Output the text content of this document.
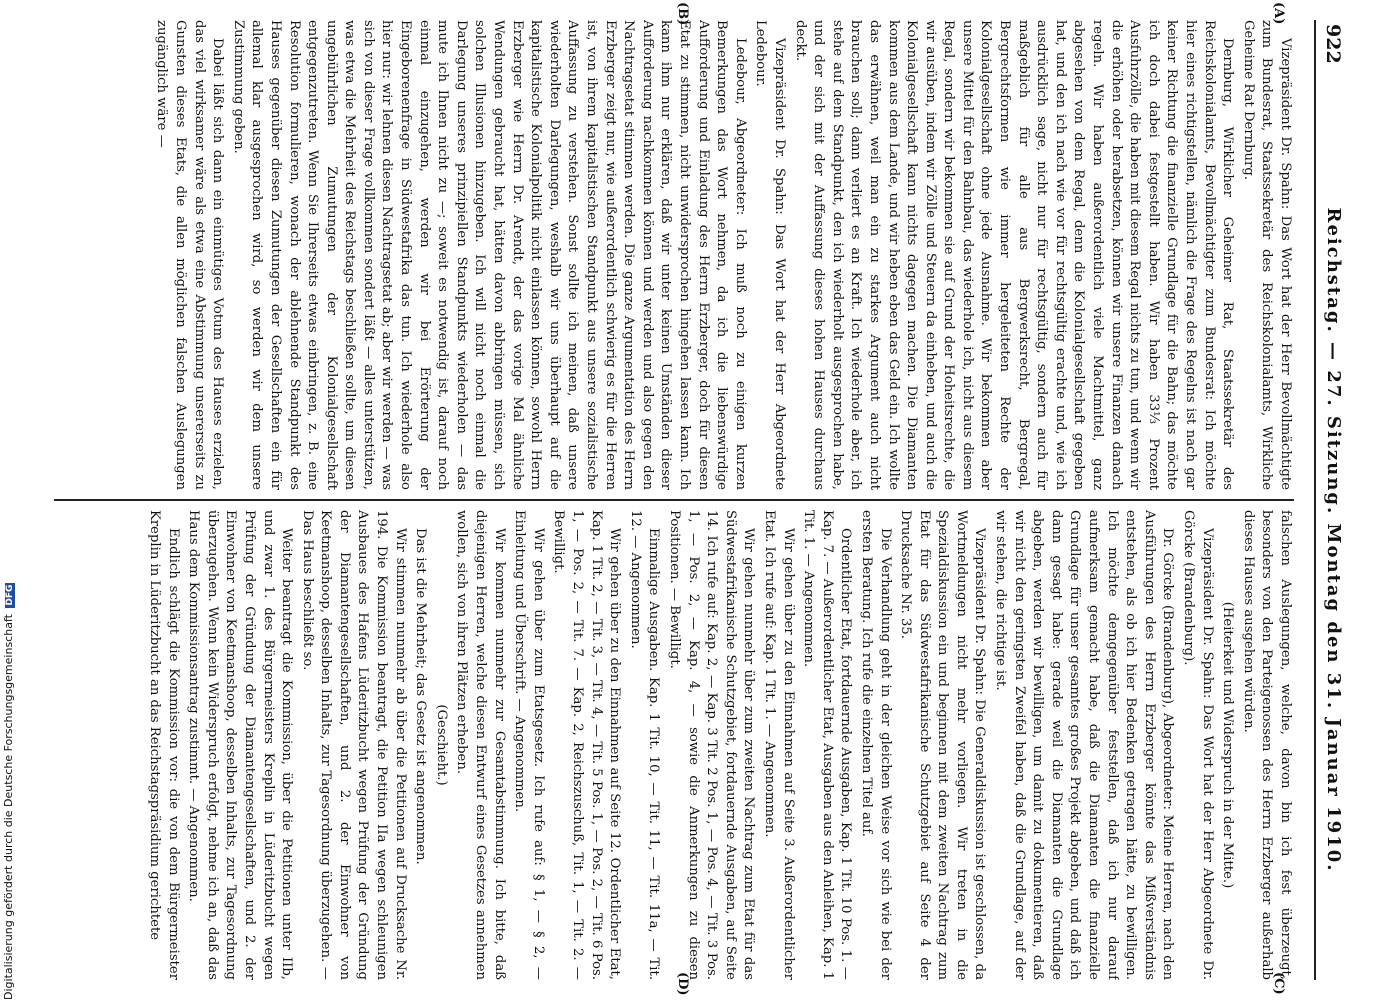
922
Reichstag. — 27. Sitzung. Montag den 31. Januar 1910.
(A)
(B)
(C)
(D)

Vizepräsident Dr. Spahn: Das Wort hat der Herr Bevollmächtigte zum Bundesrat, Staatssekretär des Reichskolonialamts, Wirkliche Geheime Rat Dernburg.

Dernburg, Wirklicher Geheimer Rat, Staatssekretär des Reichskolonialamts, Bevollmächtigter zum Bundesrat: Ich möchte hier eines richtigstellen, nämlich die Frage des Regelns ist nach gar keiner Richtung die finanzielle Grundlage für die Bahn; das möchte ich doch dabei festgestellt haben. Wir haben 33⅓ Prozent Ausfuhrzölle, die haben mit diesem Regal nichts zu tun, und wenn wir die erhöhen oder herabsetzen, können wir unsere Finanzen danach regeln. Wir haben außerordentlich viele Machtmittel, ganz abgesehen von dem Regal, denn die Kolonialgesellschaft gegeben hat, und den ich nach wie vor für rechtsgültig erachte und, wie ich ausdrücklich sage, nicht nur für rechtsgültig, sondern auch für maßgeblich für alle aus Bergwerksrecht, Bergregal, Bergrechtsformen wie immer hergeleiteten Rechte der Kolonialgesellschaft ohne jede Ausnahme. Wir bekommen aber unsere Mittel für den Bahnbau, das wiederhole ich, nicht aus diesem Regal, sondern wir bekommen sie auf Grund der Hoheitsrechte, die wir ausüben, indem wir Zölle und Steuern da einheben, und auch die Kolonialgesellschaft kann nichts dagegen machen. Die Diamanten kommen aus dem Lande, und wir heben eben das Geld ein. Ich wollte das erwähnen, weil man ein zu starkes Argument auch nicht brauchen soll; dann verliert es an Kraft. Ich wiederhole aber, ich stehe auf dem Standpunkt, den ich wiederholt ausgesprochen habe, und der sich mit der Auffassung dieses hohen Hauses durchaus deckt.

Vizepräsident Dr. Spahn: Das Wort hat der Herr Abgeordnete Ledebour.

Ledebour, Abgeordneter: Ich muß noch zu einigen kurzen Bemerkungen das Wort nehmen, da ich die liebenswürdige Aufforderung und Einladung des Herrn Erzberger, doch für diesen Etat zu stimmen, nicht unwidersprochen hingehen lassen kann. Ich kann ihm nur erklären, daß wir unter keinen Umständen dieser Aufforderung nachkommen können und werden und also gegen den Nachtragsetat stimmen werden. Die ganze Argumentation des Herrn Erzberger zeigt nur, wie außerordentlich schwierig es für die Herren ist, von ihrem kapitalistischen Standpunkt aus unsere sozialistische Auffassung zu verstehen. Sonst sollte ich meinen, daß unsere wiederholten Darlegungen, weshalb wir uns überhaupt auf die kapitalistische Kolonialpolitik nicht einlassen können, sowohl Herrn Erzberger wie Herrn Dr. Arendt, der das vorige Mal ähnliche Wendungen gebraucht hat, hätten davon abbringen müssen, sich solchen Illusionen hinzugeben. Ich will nicht noch einmal die Darlegung unseres prinzipiellen Standpunkts wiederholen — das mute ich Ihnen nicht zu —; soweit es notwendig ist, darauf noch einmal einzugehen, werden wir bei Erörterung der Eingeborenenfrage in Südwestafrika das tun. Ich wiederhole also hier nur: wir lehnen diesen Nachtragsetat ab; aber wir werden — was sich von dieser Frage vollkommen sondert läßt — alles unterstützen, was etwa die Mehrheit des Reichstags beschließen sollte, um diesen ungebührlichen Zumutungen der Kolonialgesellschaft entgegenzutreten. Wenn Sie Ihrerseits etwas einbringen, z. B. eine Resolution formulieren, wonach der ablehnende Standpunkt des Hauses gegenüber diesen Zumutungen der Gesellschaften ein für allemal klar ausgesprochen wird, so werden wir dem unsere Zustimmung geben.

Dabei läßt sich dann ein einmütiges Votum des Hauses erzielen, das viel wirksamer wäre als etwa eine Abstimmung unsererseits zu Gunsten dieses Etats, die allen möglichen falschen Auslegungen zugänglich wäre —

falschen Auslegungen, welche, davon bin ich fest überzeugt, besonders von den Parteigenossen des Herrn Erzberger außerhalb dieses Hauses ausgehen würden.

(Heiterkeit und Widerspruch in der Mitte.)

Vizepräsident Dr. Spahn: Das Wort hat der Herr Abgeordnete Dr. Görcke (Brandenburg).

Dr. Görcke (Brandenburg), Abgeordneter: Meine Herren, nach den Ausführungen des Herrn Erzberger könnte das Mißverständnis entstehen, als ob ich hier Bedenken getragen hätte, zu bewilligen. Ich möchte demgegenüber feststellen, daß ich nur darauf aufmerksam gemacht habe, daß die Diamanten die finanzielle Grundlage für unser gesamtes großes Projekt abgeben, und daß ich dann gesagt habe: gerade weil die Diamanten die Grundlage abgeben, werden wir bewilligen, um damit zu dokumentieren, daß wir nicht den geringsten Zweifel haben, daß die Grundlage, auf der wir stehen, die richtige ist.

Vizepräsident Dr. Spahn: Die Generaldiskussion ist geschlossen, da Wortmeldungen nicht mehr vorliegen. Wir treten in die Spezialdiskussion ein und beginnen mit dem zweiten Nachtrag zum Etat für das Südwestafrikanische Schutzgebiet auf Seite 4 der Drucksache Nr. 35.

Die Verhandlung geht in der gleichen Weise vor sich wie bei der ersten Beratung. Ich rufe die einzelnen Titel auf.

Ordentlicher Etat, fortdauernde Ausgaben, Kap. 1 Tit. 10 Pos. 1. — Kap. 7. — Außerordentlicher Etat, Ausgaben aus den Anleihen, Kap. 1 Tit. 1. — Angenommen.

Wir gehen über zu den Einnahmen auf Seite 3. Außerordentlicher Etat. Ich rufe auf: Kap. 1 Tit. 1. — Angenommen.

Wir gehen nunmehr über zum zweiten Nachtrag zum Etat für das Südwestafrikanische Schutzgebiet, fortdauernde Ausgaben, auf Seite 14. Ich rufe auf: Kap. 2, — Kap. 3 Tit. 2 Pos. 1, — Pos. 4, — Tit. 3 Pos. 1, — Pos. 2, — Kap. 4, — sowie die Anmerkungen zu diesen Positionen. — Bewilligt.

Einmalige Ausgaben. Kap. 1 Tit. 10, — Tit. 11, — Tit. 11a, — Tit. 12. — Angenommen.

Wir gehen über zu den Einnahmen auf Seite 12. Ordentlicher Etat, Kap. 1 Tit. 2, — Tit. 3, — Tit. 4, — Tit. 5 Pos. 1, — Pos. 2, — Tit. 6 Pos. 1, — Pos. 2, — Tit. 7. — Kap. 2, Reichszuschuß, Tit. 1, — Tit. 2. — Bewilligt.

Wir gehen über zum Etatsgesetz. Ich rufe auf: § 1, — § 2, — Einleitung und Überschrift. — Angenommen.

Wir kommen nunmehr zur Gesamtabstimmung. Ich bitte, daß diejenigen Herren, welche diesen Entwurf eines Gesetzes annehmen wollen, sich von ihren Plätzen erheben.

(Geschieht.)

Das ist die Mehrheit; das Gesetz ist angenommen.

Wir stimmen nunmehr ab über die Petitionen auf Drucksache Nr. 194. Die Kommission beantragt, die Petition IIa wegen schleunigen Ausbaues des Hafens Lüderitzbucht wegen Prüfung der Gründung der Diamantengesellschaften, und 2. der Einwohner von Keetmanshoop, desselben Inhalts, zur Tagesordnung überzugehen. — Das Haus beschließt so.

Weiter beantragt die Kommission, über die Petitionen unter IIb, und zwar 1. des Bürgermeisters Kreplin in Lüderitzbucht wegen Prüfung der Gründung der Diamantengesellschaften, und 2. der Einwohner von Keetmanshoop, desselben Inhalts, zur Tagesordnung überzugehen. Wenn kein Widerspruch erfolgt, nehme ich an, daß das Haus dem Kommissionsantrag zustimmt. — Angenommen.

Endlich schlägt die Kommission vor: die von dem Bürgermeister Kreplin in Lüderitzbucht an das Reichstagspräsidium gerichtete

Digitalisierung gefördert durch die Deutsche Forschungsgemeinschaft DFG
